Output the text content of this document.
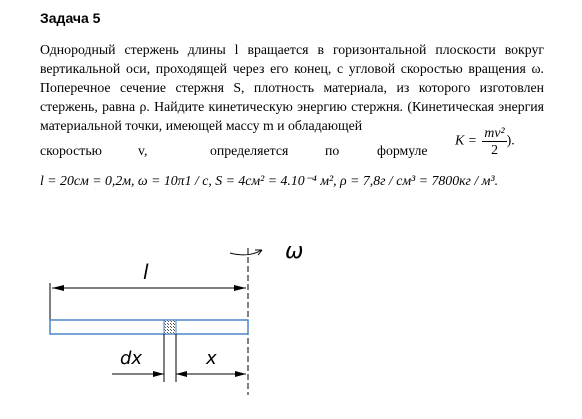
Задача 5
Однородный стержень длины l вращается в горизонтальной плоскости вокруг вертикальной оси, проходящей через его конец, с угловой скоростью вращения ω. Поперечное сечение стержня S, плотность материала, из которого изготовлен стержень, равна ρ. Найдите кинетическую энергию стержня. (Кинетическая энергия материальной точки, имеющей массу m и обладающей
скоростью	v,	определяется	по	формуле
$K = \frac{\text{mv²}}{2}$ ).
l = 20см = 0,2м, ω = 10π1 / c, S = 4см² = 4.10⁻⁴ м², ρ = 7,8г / см³ = 7800кг / м³.
ω
l
dx	x
